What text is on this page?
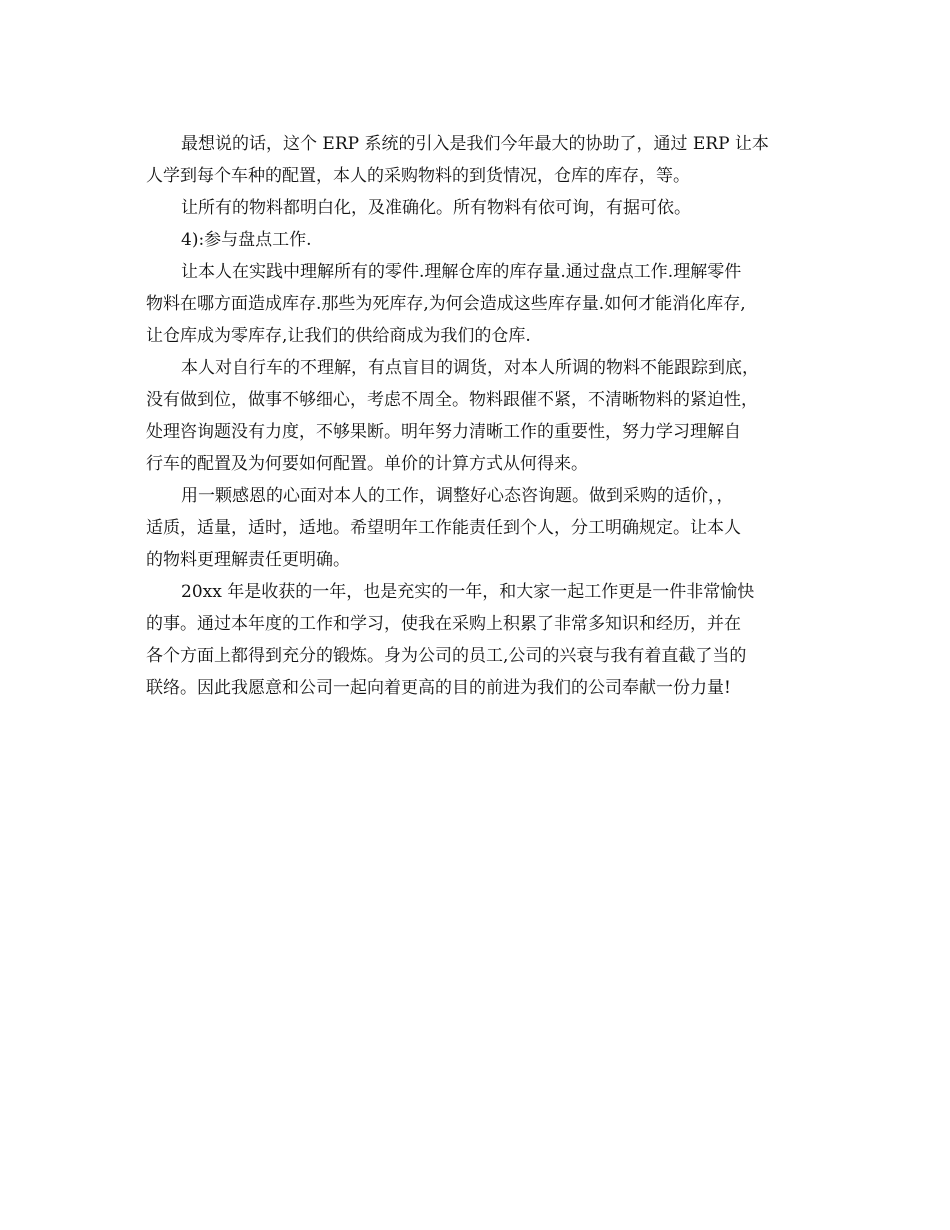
最想说的话，这个 ERP 系统的引入是我们今年最大的协助了，通过 ERP 让本
人学到每个车种的配置，本人的采购物料的到货情况，仓库的库存，等。
让所有的物料都明白化，及准确化。所有物料有依可询，有据可依。
4):参与盘点工作.
让本人在实践中理解所有的零件.理解仓库的库存量.通过盘点工作.理解零件
物料在哪方面造成库存.那些为死库存,为何会造成这些库存量.如何才能消化库存,
让仓库成为零库存,让我们的供给商成为我们的仓库.
本人对自行车的不理解，有点盲目的调货，对本人所调的物料不能跟踪到底，
没有做到位，做事不够细心，考虑不周全。物料跟催不紧，不清晰物料的紧迫性，
处理咨询题没有力度，不够果断。明年努力清晰工作的重要性，努力学习理解自
行车的配置及为何要如何配置。单价的计算方式从何得来。
用一颗感恩的心面对本人的工作，调整好心态咨询题。做到采购的适价，，
适质，适量，适时，适地。希望明年工作能责任到个人，分工明确规定。让本人
的物料更理解责任更明确。
20xx 年是收获的一年，也是充实的一年，和大家一起工作更是一件非常愉快
的事。通过本年度的工作和学习，使我在采购上积累了非常多知识和经历，并在
各个方面上都得到充分的锻炼。身为公司的员工,公司的兴衰与我有着直截了当的
联络。因此我愿意和公司一起向着更高的目的前进为我们的公司奉献一份力量!
